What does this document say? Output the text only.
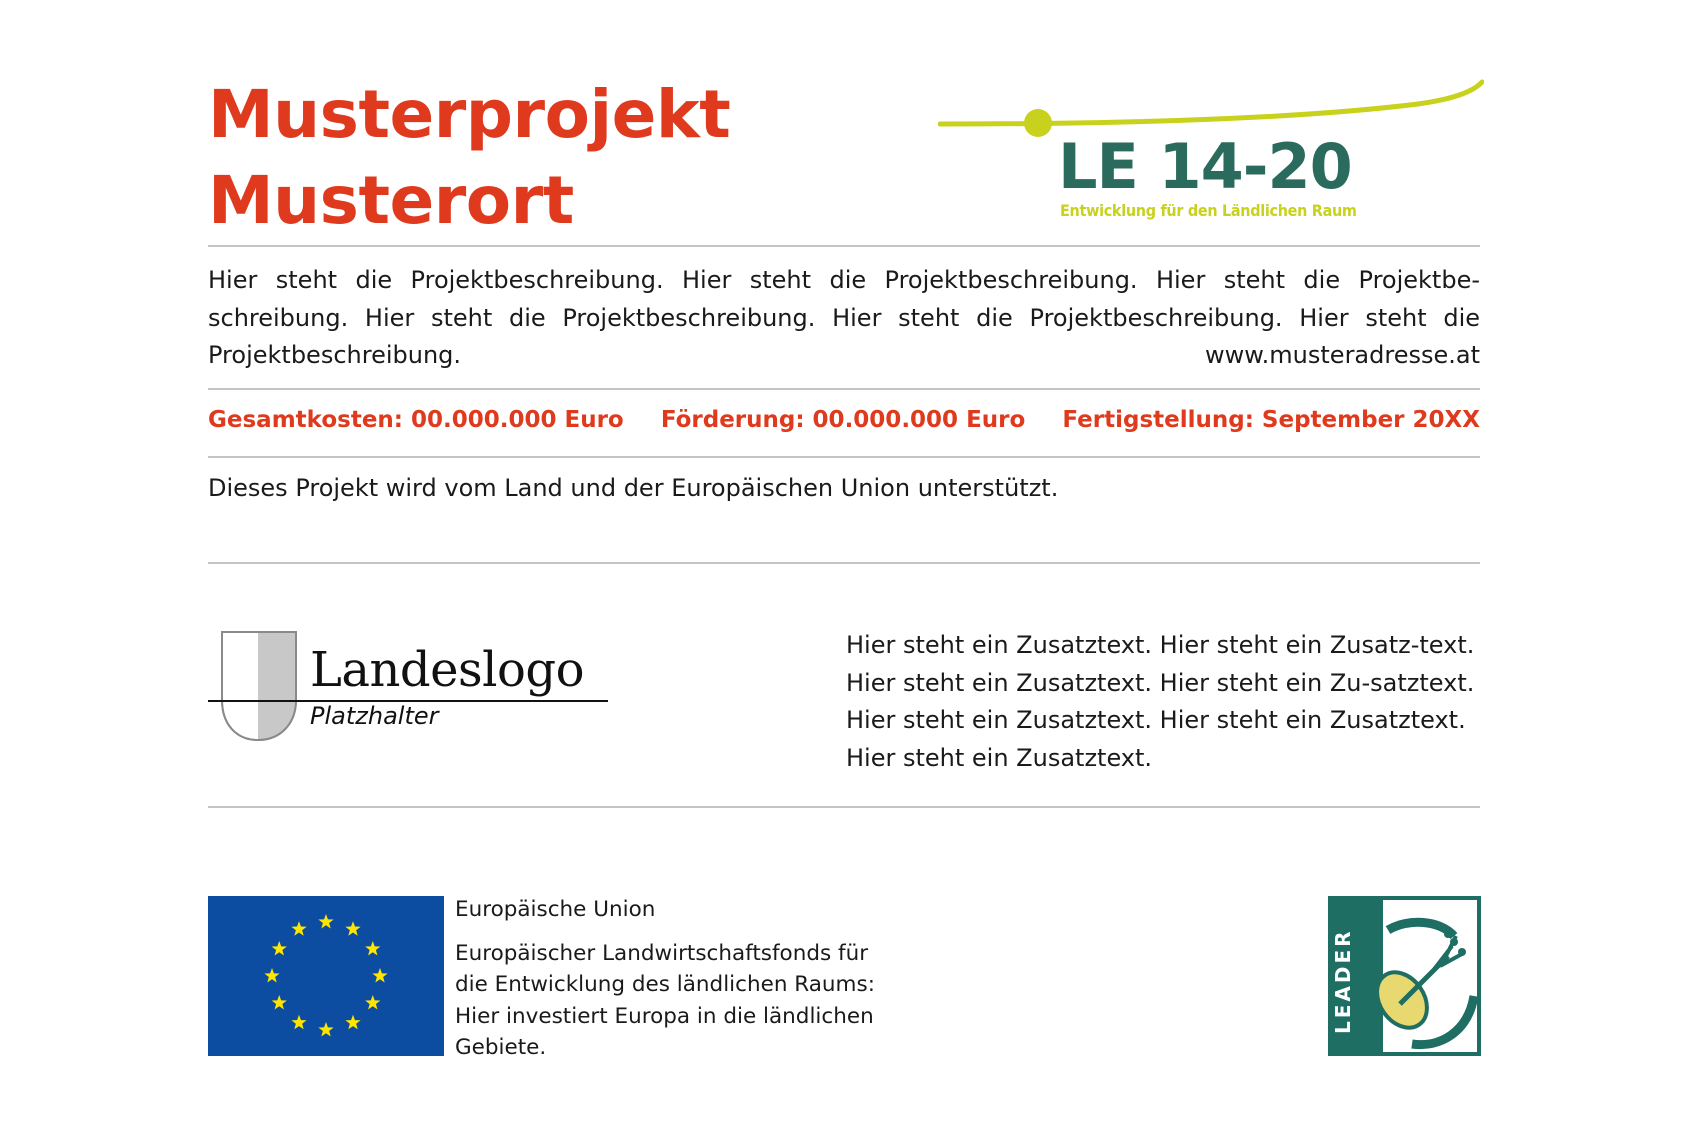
Musterprojekt
Musterort	LE 14-20
Entwicklung für den Ländlichen Raum
Hier steht die Projektbeschreibung. Hier steht die Projektbeschreibung. Hier steht die Projektbe-schreibung. Hier steht die Projektbeschreibung. Hier steht die Projektbeschreibung. Hier steht die Projektbeschreibung.	www.musteradresse.at
Gesamtkosten: 00.000.000 Euro Förderung: 00.000.000 Euro Fertigstellung: September 20XX
Dieses Projekt wird vom Land und der Europäischen Union unterstützt.
Landeslogo
Platzhalter
Hier steht ein Zusatztext. Hier steht ein Zusatz-text. Hier steht ein Zusatztext. Hier steht ein Zu-satztext. Hier steht ein Zusatztext. Hier steht ein Zusatztext. Hier steht ein Zusatztext.
Europäische Union
Europäischer Landwirtschaftsfonds für
die Entwicklung des ländlichen Raums:
Hier investiert Europa in die ländlichen
Gebiete.
LEADER
